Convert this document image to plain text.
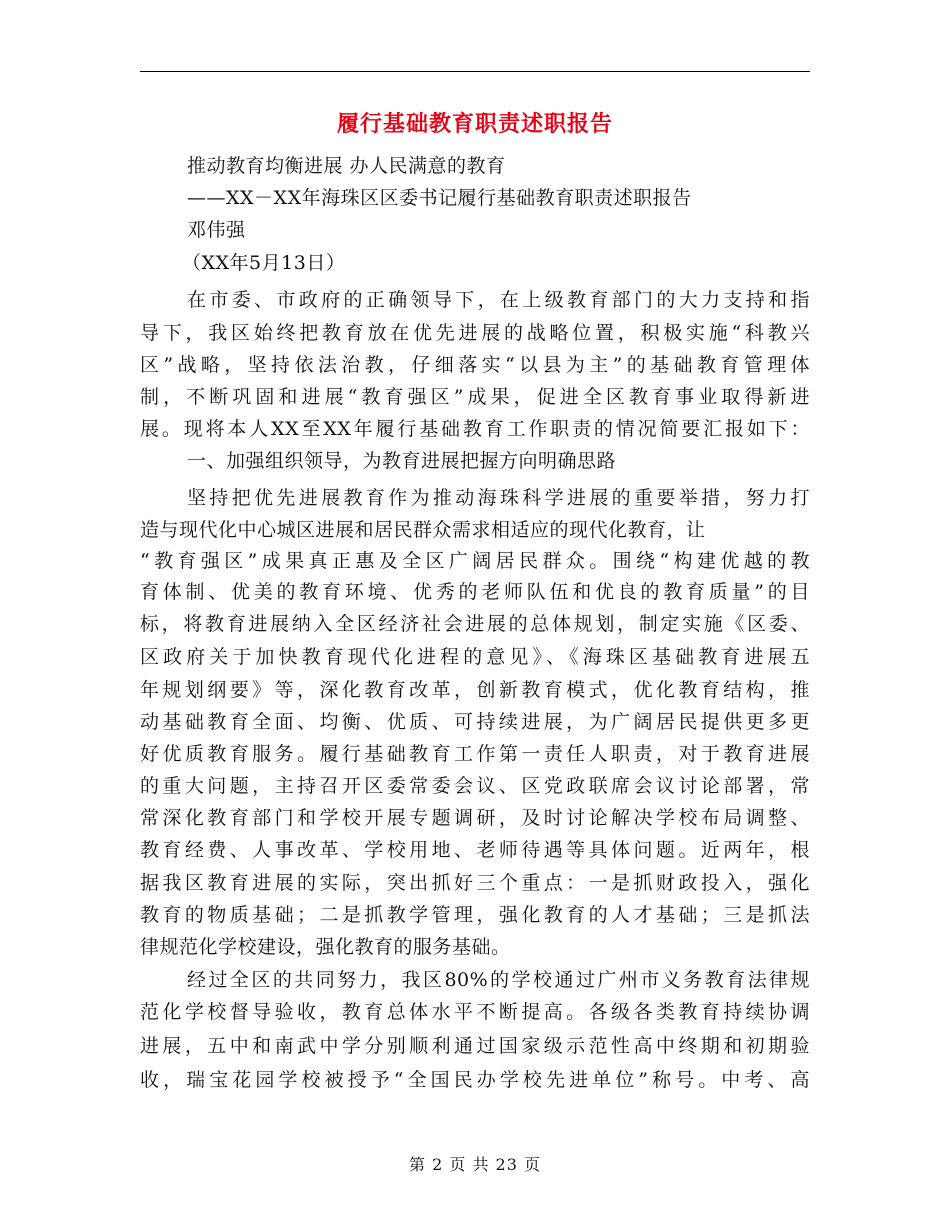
履行基础教育职责述职报告
推动教育均衡进展 办人民满意的教育
——XX－XX年海珠区区委书记履行基础教育职责述职报告
邓伟强
（XX年5月13日）
在市委、市政府的正确领导下，在上级教育部门的大力支持和指
导下，我区始终把教育放在优先进展的战略位置，积极实施“科教兴
区”战略，坚持依法治教，仔细落实“以县为主”的基础教育管理体
制，不断巩固和进展“教育强区”成果，促进全区教育事业取得新进
展。现将本人XX至XX年履行基础教育工作职责的情况简要汇报如下：
一、加强组织领导，为教育进展把握方向明确思路
坚持把优先进展教育作为推动海珠科学进展的重要举措，努力打
造与现代化中心城区进展和居民群众需求相适应的现代化教育，让
“教育强区”成果真正惠及全区广阔居民群众。围绕“构建优越的教
育体制、优美的教育环境、优秀的老师队伍和优良的教育质量”的目
标，将教育进展纳入全区经济社会进展的总体规划，制定实施《区委、
区政府关于加快教育现代化进程的意见》、《海珠区基础教育进展五
年规划纲要》等，深化教育改革，创新教育模式，优化教育结构，推
动基础教育全面、均衡、优质、可持续进展，为广阔居民提供更多更
好优质教育服务。履行基础教育工作第一责任人职责，对于教育进展
的重大问题，主持召开区委常委会议、区党政联席会议讨论部署，常
常深化教育部门和学校开展专题调研，及时讨论解决学校布局调整、
教育经费、人事改革、学校用地、老师待遇等具体问题。近两年，根
据我区教育进展的实际，突出抓好三个重点：一是抓财政投入，强化
教育的物质基础；二是抓教学管理，强化教育的人才基础；三是抓法
律规范化学校建设，强化教育的服务基础。
经过全区的共同努力，我区80%的学校通过广州市义务教育法律规
范化学校督导验收，教育总体水平不断提高。各级各类教育持续协调
进展，五中和南武中学分别顺利通过国家级示范性高中终期和初期验
收，瑞宝花园学校被授予“全国民办学校先进单位”称号。中考、高
第 2 页 共 23 页
